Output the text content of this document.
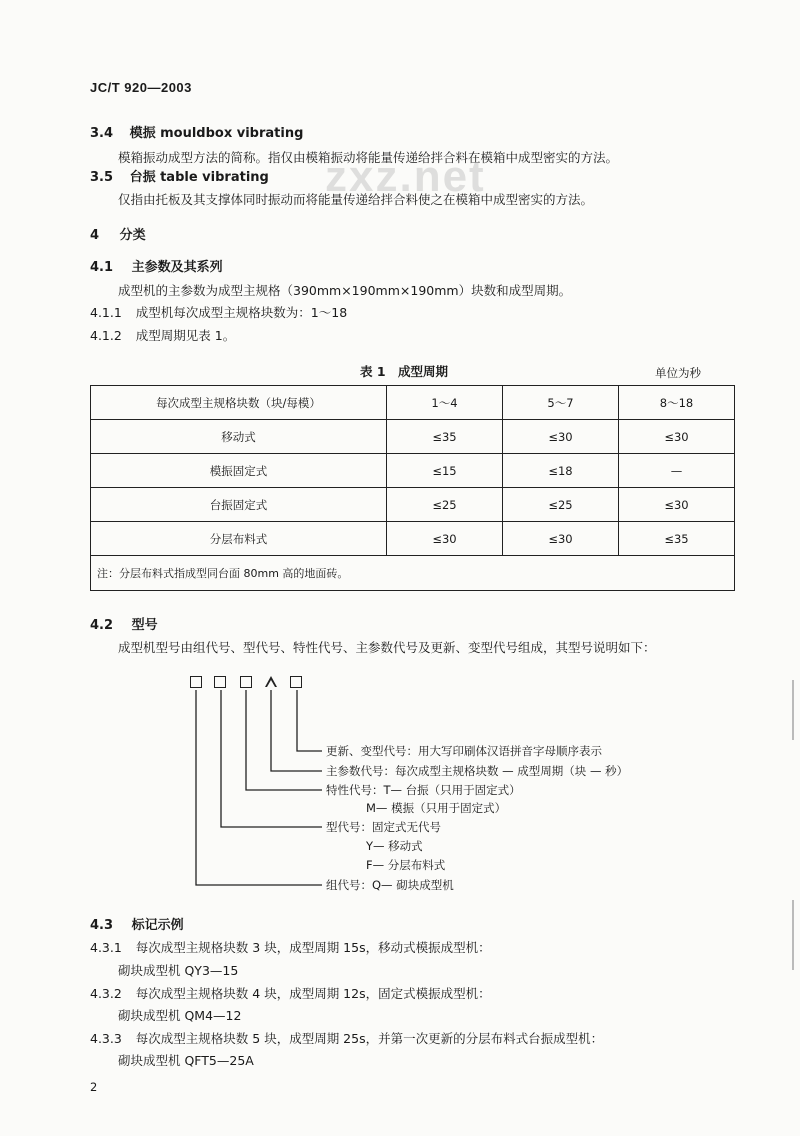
JC/T 920—2003
zxz.net
3.4 模振 mouldbox vibrating
模箱振动成型方法的简称。指仅由模箱振动将能量传递给拌合料在模箱中成型密实的方法。
3.5 台振 table vibrating
仅指由托板及其支撑体同时振动而将能量传递给拌合料使之在模箱中成型密实的方法。
4 分类
4.1 主参数及其系列
成型机的主参数为成型主规格（390mm×190mm×190mm）块数和成型周期。
4.1.1 成型机每次成型主规格块数为：1～18
4.1.2 成型周期见表 1。
表 1　成型周期	单位为秒
每次成型主规格块数（块/每模）	1～4	5～7	8～18
移动式	≤35	≤30	≤30
模振固定式	≤15	≤18	—
台振固定式	≤25	≤25	≤30
分层布料式	≤30	≤30	≤35
注：分层布料式指成型同台面 80mm 高的地面砖。			
4.2 型号
成型机型号由组代号、型代号、特性代号、主参数代号及更新、变型代号组成，其型号说明如下：
更新、变型代号：用大写印刷体汉语拼音字母顺序表示
主参数代号：每次成型主规格块数 — 成型周期（块 — 秒）
特性代号：T— 台振（只用于固定式）
M— 模振（只用于固定式）
型代号：固定式无代号
Y— 移动式
F— 分层布料式
组代号：Q— 砌块成型机
4.3 标记示例
4.3.1 每次成型主规格块数 3 块，成型周期 15s，移动式模振成型机：
砌块成型机 QY3—15
4.3.2 每次成型主规格块数 4 块，成型周期 12s，固定式模振成型机：
砌块成型机 QM4—12
4.3.3 每次成型主规格块数 5 块，成型周期 25s，并第一次更新的分层布料式台振成型机：
砌块成型机 QFT5—25A
2
